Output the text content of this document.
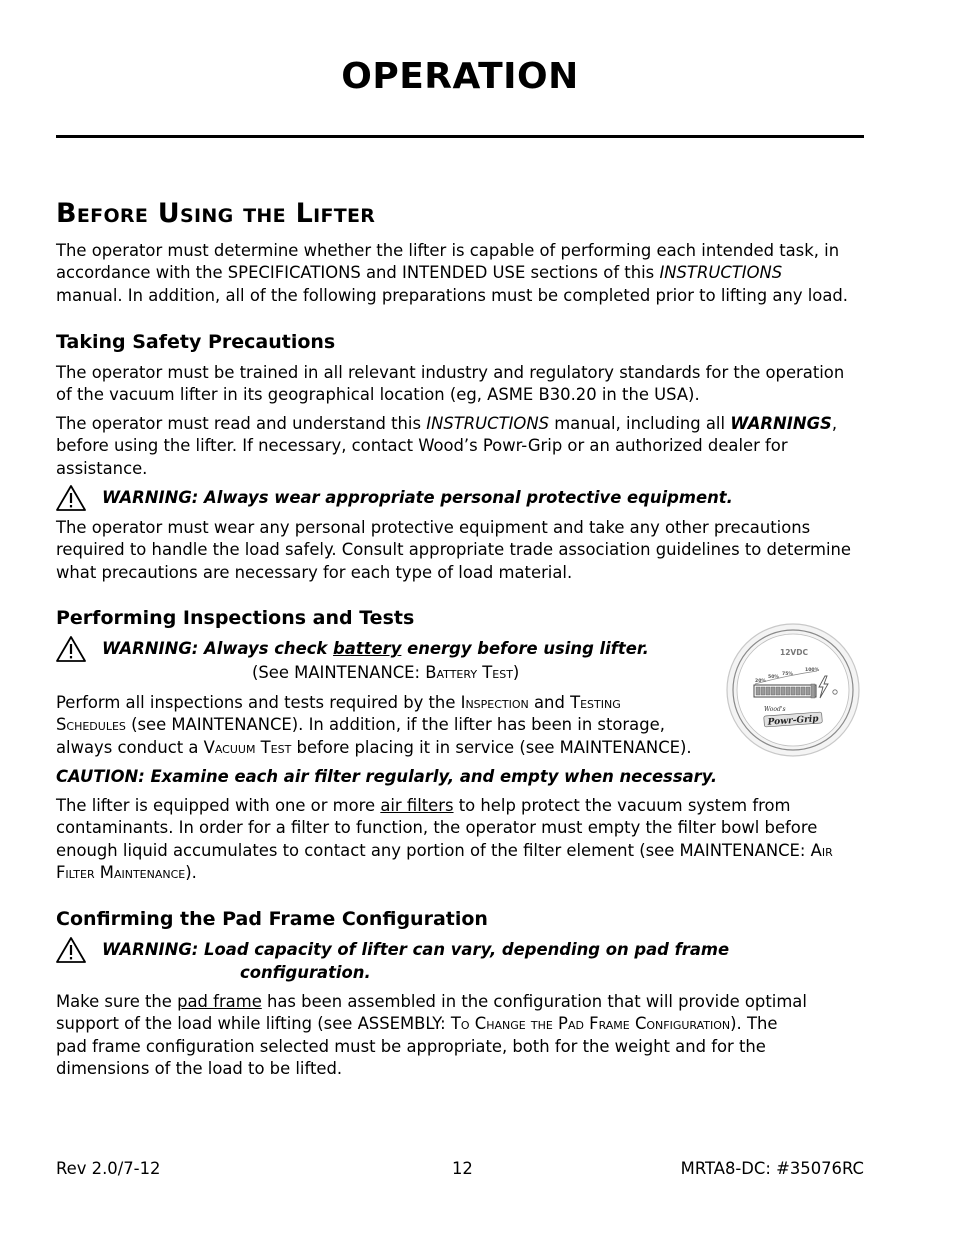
OPERATION
Before Using the Lifter
The operator must determine whether the lifter is capable of performing each intended task, in
accordance with the SPECIFICATIONS and INTENDED USE sections of this INSTRUCTIONS
manual. In addition, all of the following preparations must be completed prior to lifting any load.
Taking Safety Precautions
The operator must be trained in all relevant industry and regulatory standards for the operation
of the vacuum lifter in its geographical location (eg, ASME B30.20 in the USA).
The operator must read and understand this INSTRUCTIONS manual, including all WARNINGS,
before using the lifter. If necessary, contact Wood’s Powr-Grip or an authorized dealer for
assistance.
WARNING: Always wear appropriate personal protective equipment.
The operator must wear any personal protective equipment and take any other precautions
required to handle the load safely. Consult appropriate trade association guidelines to determine
what precautions are necessary for each type of load material.
Performing Inspections and Tests
WARNING: Always check battery energy before using lifter.
(See MAINTENANCE: Battery Test)
Perform all inspections and tests required by the Inspection and Testing
Schedules (see MAINTENANCE). In addition, if the lifter has been in storage,
always conduct a Vacuum Test before placing it in service (see MAINTENANCE).
12VDC
20%
50%
75%
100%
Wood's
Powr-Grip
CAUTION: Examine each air filter regularly, and empty when necessary.
The lifter is equipped with one or more air filters to help protect the vacuum system from
contaminants. In order for a filter to function, the operator must empty the filter bowl before
enough liquid accumulates to contact any portion of the filter element (see MAINTENANCE: Air
Filter Maintenance).
Confirming the Pad Frame Configuration
WARNING: Load capacity of lifter can vary, depending on pad frame
configuration.
Make sure the pad frame has been assembled in the configuration that will provide optimal
support of the load while lifting (see ASSEMBLY: To Change the Pad Frame Configuration). The
pad frame configuration selected must be appropriate, both for the weight and for the
dimensions of the load to be lifted.
Rev 2.0/7-12	12	MRTA8-DC: #35076RC
